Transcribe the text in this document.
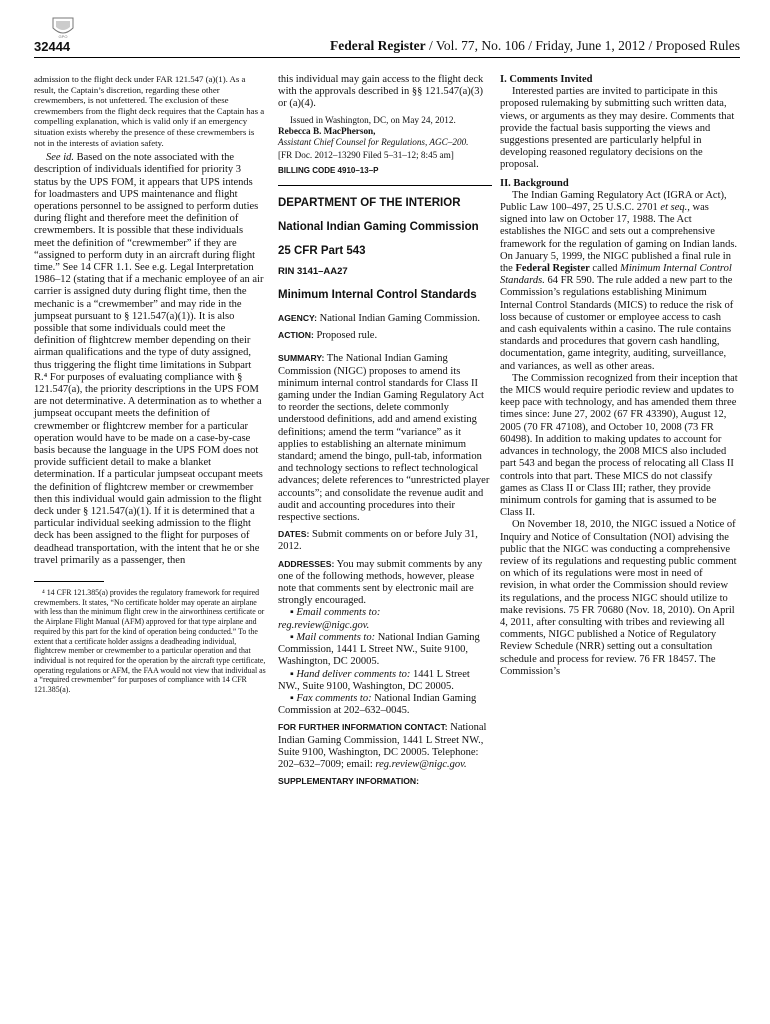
GPO
32444	Federal Register / Vol. 77, No. 106 / Friday, June 1, 2012 / Proposed Rules

admission to the flight deck under FAR 121.547 (a)(1). As a result, the Captain’s discretion, regarding these other crewmembers, is not unfettered. The exclusion of these crewmembers from the flight deck requires that the Captain has a compelling explanation, which is valid only if an emergency situation exists whereby the presence of these crewmembers is not in the interests of aviation safety.

See id. Based on the note associated with the description of individuals identified for priority 3 status by the UPS FOM, it appears that UPS intends for loadmasters and UPS maintenance and flight operations personnel to be assigned to perform duties during flight and therefore meet the definition of crewmembers. It is possible that these individuals meet the definition of “crewmember” if they are “assigned to perform duty in an aircraft during flight time.” See 14 CFR 1.1. See e.g. Legal Interpretation 1986–12 (stating that if a mechanic employee of an air carrier is assigned duty during flight time, then the mechanic is a “crewmember” and may ride in the jumpseat pursuant to § 121.547(a)(1)). It is also possible that some individuals could meet the definition of flightcrew member depending on their airman qualifications and the type of duty assigned, thus triggering the flight time limitations in Subpart R.⁴ For purposes of evaluating compliance with § 121.547(a), the priority descriptions in the UPS FOM are not determinative. A determination as to whether a jumpseat occupant meets the definition of crewmember or flightcrew member for a particular operation would have to be made on a case-by-case basis because the language in the UPS FOM does not provide sufficient detail to make a blanket determination. If a particular jumpseat occupant meets the definition of flightcrew member or crewmember then this individual would gain admission to the flight deck under § 121.547(a)(1). If it is determined that a particular individual seeking admission to the flight deck has been assigned to the flight for purposes of deadhead transportation, with the intent that he or she travel primarily as a passenger, then

⁴ 14 CFR 121.385(a) provides the regulatory framework for required crewmembers. It states, “No certificate holder may operate an airplane with less than the minimum flight crew in the airworthiness certificate or the Airplane Flight Manual (AFM) approved for that type airplane and required by this part for the kind of operation being conducted.” To the extent that a certificate holder assigns a deadheading individual, flightcrew member or crewmember to a particular operation and that individual is not required for the operation by the aircraft type certificate, operating regulations or AFM, the FAA would not view that individual as a “required crewmember” for purposes of compliance with 14 CFR 121.385(a).

this individual may gain access to the flight deck with the approvals described in §§ 121.547(a)(3) or (a)(4).

Issued in Washington, DC, on May 24, 2012.

Rebecca B. MacPherson,

Assistant Chief Counsel for Regulations, AGC–200.

[FR Doc. 2012–13290 Filed 5–31–12; 8:45 am]

BILLING CODE 4910–13–P

DEPARTMENT OF THE INTERIOR

National Indian Gaming Commission

25 CFR Part 543

RIN 3141–AA27

Minimum Internal Control Standards

AGENCY: National Indian Gaming Commission.

ACTION: Proposed rule.

SUMMARY: The National Indian Gaming Commission (NIGC) proposes to amend its minimum internal control standards for Class II gaming under the Indian Gaming Regulatory Act to reorder the sections, delete commonly understood definitions, add and amend existing definitions; amend the term “variance” as it applies to establishing an alternate minimum standard; amend the bingo, pull-tab, information and technology sections to reflect technological advances; delete references to “unrestricted player accounts”; and consolidate the revenue audit and audit and accounting procedures into their respective sections.

DATES: Submit comments on or before July 31, 2012.

ADDRESSES: You may submit comments by any one of the following methods, however, please note that comments sent by electronic mail are strongly encouraged.

▪ Email comments to:

reg.review@nigc.gov.

▪ Mail comments to: National Indian Gaming Commission, 1441 L Street NW., Suite 9100, Washington, DC 20005.

▪ Hand deliver comments to: 1441 L Street NW., Suite 9100, Washington, DC 20005.

▪ Fax comments to: National Indian Gaming Commission at 202–632–0045.

FOR FURTHER INFORMATION CONTACT: National Indian Gaming Commission, 1441 L Street NW., Suite 9100, Washington, DC 20005. Telephone: 202–632–7009; email: reg.review@nigc.gov.

SUPPLEMENTARY INFORMATION:

I. Comments Invited

Interested parties are invited to participate in this proposed rulemaking by submitting such written data, views, or arguments as they may desire. Comments that provide the factual basis supporting the views and suggestions presented are particularly helpful in developing reasoned regulatory decisions on the proposal.

II. Background

The Indian Gaming Regulatory Act (IGRA or Act), Public Law 100–497, 25 U.S.C. 2701 et seq., was signed into law on October 17, 1988. The Act establishes the NIGC and sets out a comprehensive framework for the regulation of gaming on Indian lands. On January 5, 1999, the NIGC published a final rule in the Federal Register called Minimum Internal Control Standards. 64 FR 590. The rule added a new part to the Commission’s regulations establishing Minimum Internal Control Standards (MICS) to reduce the risk of loss because of customer or employee access to cash and cash equivalents within a casino. The rule contains standards and procedures that govern cash handling, documentation, game integrity, auditing, surveillance, and variances, as well as other areas.

The Commission recognized from their inception that the MICS would require periodic review and updates to keep pace with technology, and has amended them three times since: June 27, 2002 (67 FR 43390), August 12, 2005 (70 FR 47108), and October 10, 2008 (73 FR 60498). In addition to making updates to account for advances in technology, the 2008 MICS also included part 543 and began the process of relocating all Class II controls into that part. These MICS do not classify games as Class II or Class III; rather, they provide minimum controls for gaming that is assumed to be Class II.

On November 18, 2010, the NIGC issued a Notice of Inquiry and Notice of Consultation (NOI) advising the public that the NIGC was conducting a comprehensive review of its regulations and requesting public comment on which of its regulations were most in need of revision, in what order the Commission should review its regulations, and the process NIGC should utilize to make revisions. 75 FR 70680 (Nov. 18, 2010). On April 4, 2011, after consulting with tribes and reviewing all comments, NIGC published a Notice of Regulatory Review Schedule (NRR) setting out a consultation schedule and process for review. 76 FR 18457. The Commission’s
